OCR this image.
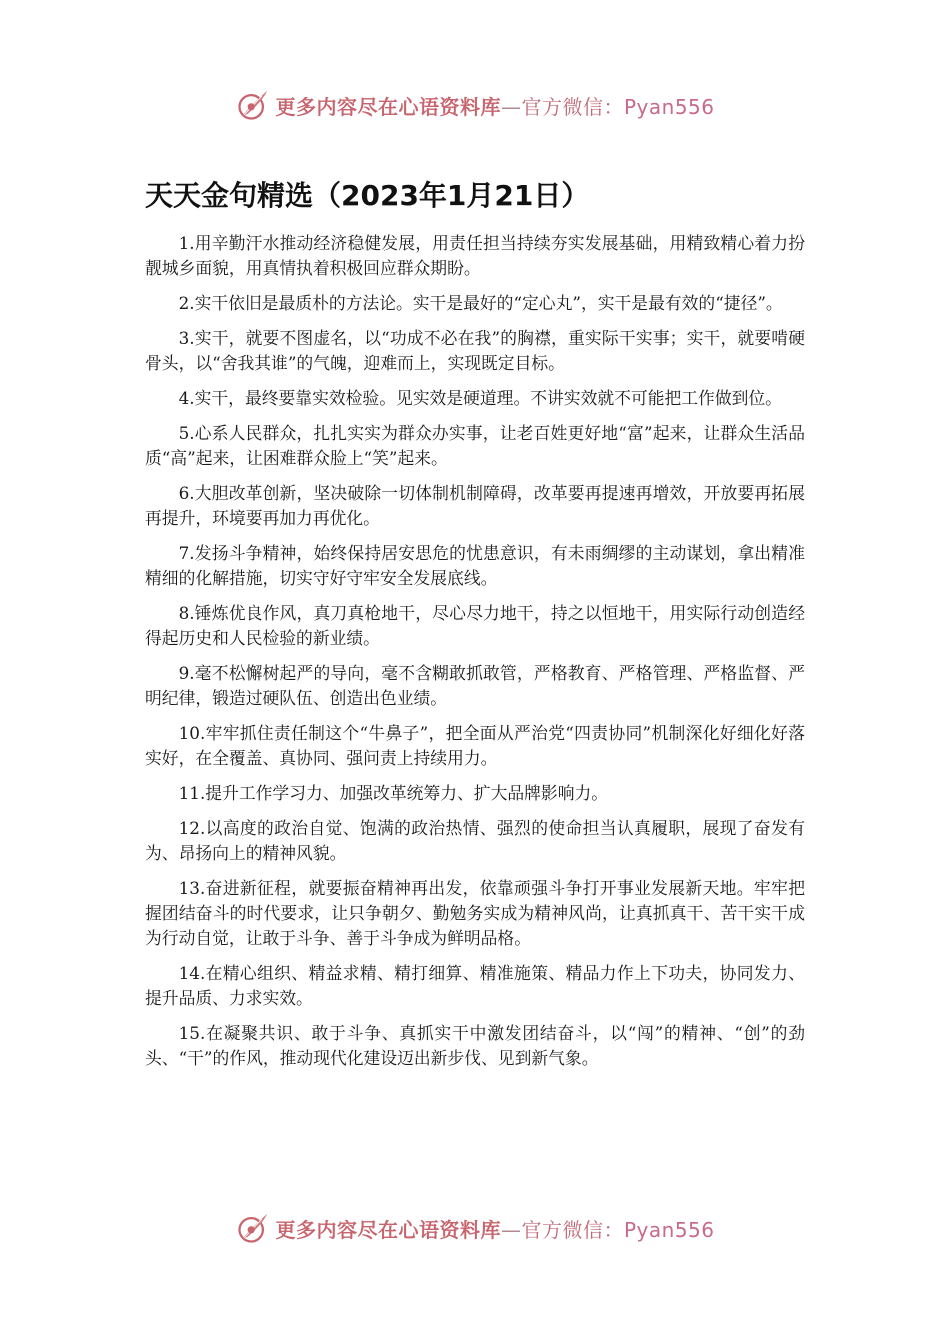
更多内容尽在心语资料库—官方微信：Pyan556
天天金句精选（2023年1月21日）

1.用辛勤汗水推动经济稳健发展，用责任担当持续夯实发展基础，用精致精心着力扮靓城乡面貌，用真情执着积极回应群众期盼。

2.实干依旧是最质朴的方法论。实干是最好的“定心丸”，实干是最有效的“捷径”。

3.实干，就要不图虚名，以“功成不必在我”的胸襟，重实际干实事；实干，就要啃硬骨头，以“舍我其谁”的气魄，迎难而上，实现既定目标。

4.实干，最终要靠实效检验。见实效是硬道理。不讲实效就不可能把工作做到位。

5.心系人民群众，扎扎实实为群众办实事，让老百姓更好地“富”起来，让群众生活品质“高”起来，让困难群众脸上“笑”起来。

6.大胆改革创新，坚决破除一切体制机制障碍，改革要再提速再增效，开放要再拓展再提升，环境要再加力再优化。

7.发扬斗争精神，始终保持居安思危的忧患意识，有未雨绸缪的主动谋划，拿出精准精细的化解措施，切实守好守牢安全发展底线。

8.锤炼优良作风，真刀真枪地干，尽心尽力地干，持之以恒地干，用实际行动创造经得起历史和人民检验的新业绩。

9.毫不松懈树起严的导向，毫不含糊敢抓敢管，严格教育、严格管理、严格监督、严明纪律，锻造过硬队伍、创造出色业绩。

10.牢牢抓住责任制这个“牛鼻子”，把全面从严治党“四责协同”机制深化好细化好落实好，在全覆盖、真协同、强问责上持续用力。

11.提升工作学习力、加强改革统筹力、扩大品牌影响力。

12.以高度的政治自觉、饱满的政治热情、强烈的使命担当认真履职，展现了奋发有为、昂扬向上的精神风貌。

13.奋进新征程，就要振奋精神再出发，依靠顽强斗争打开事业发展新天地。牢牢把握团结奋斗的时代要求，让只争朝夕、勤勉务实成为精神风尚，让真抓真干、苦干实干成为行动自觉，让敢于斗争、善于斗争成为鲜明品格。

14.在精心组织、精益求精、精打细算、精准施策、精品力作上下功夫，协同发力、提升品质、力求实效。

15.在凝聚共识、敢于斗争、真抓实干中激发团结奋斗，以“闯”的精神、“创”的劲头、“干”的作风，推动现代化建设迈出新步伐、见到新气象。

更多内容尽在心语资料库—官方微信：Pyan556
